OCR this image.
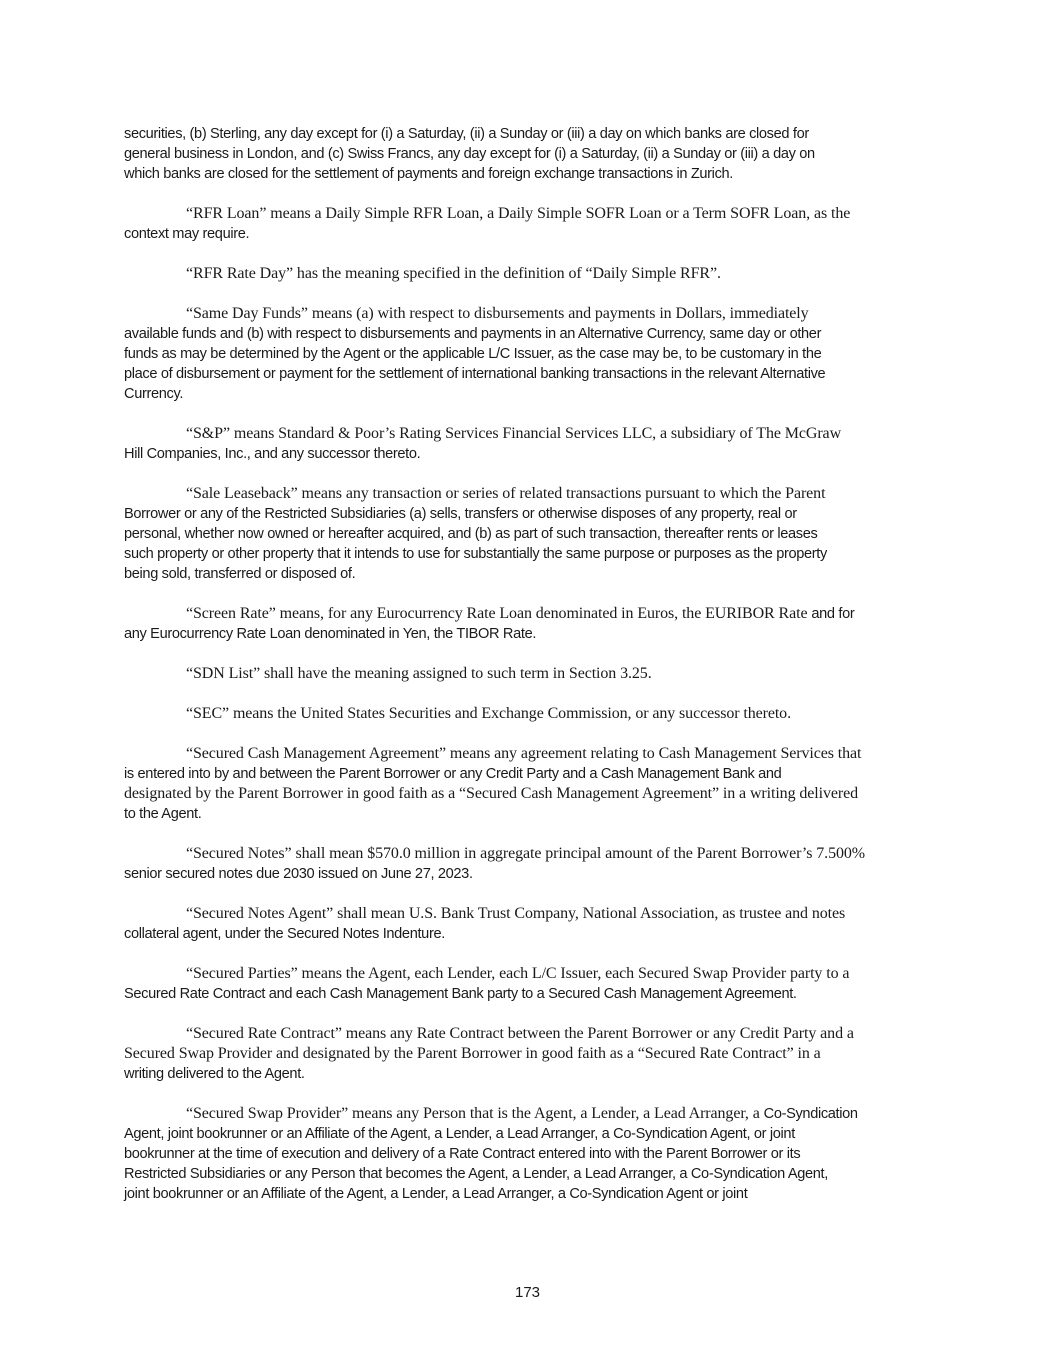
securities, (b) Sterling, any day except for (i) a Saturday, (ii) a Sunday or (iii) a day on which banks are closed for
general business in London, and (c) Swiss Francs, any day except for (i) a Saturday, (ii) a Sunday or (iii) a day on
which banks are closed for the settlement of payments and foreign exchange transactions in Zurich.
“RFR Loan” means a Daily Simple RFR Loan, a Daily Simple SOFR Loan or a Term SOFR Loan, as the
context may require.
“RFR Rate Day” has the meaning specified in the definition of “Daily Simple RFR”.
“Same Day Funds” means (a) with respect to disbursements and payments in Dollars, immediately
available funds and (b) with respect to disbursements and payments in an Alternative Currency, same day or other
funds as may be determined by the Agent or the applicable L/C Issuer, as the case may be, to be customary in the
place of disbursement or payment for the settlement of international banking transactions in the relevant Alternative
Currency.
“S&P” means Standard & Poor’s Rating Services Financial Services LLC, a subsidiary of The McGraw
Hill Companies, Inc., and any successor thereto.
“Sale Leaseback” means any transaction or series of related transactions pursuant to which the Parent
Borrower or any of the Restricted Subsidiaries (a) sells, transfers or otherwise disposes of any property, real or
personal, whether now owned or hereafter acquired, and (b) as part of such transaction, thereafter rents or leases
such property or other property that it intends to use for substantially the same purpose or purposes as the property
being sold, transferred or disposed of.
“Screen Rate” means, for any Eurocurrency Rate Loan denominated in Euros, the EURIBOR Rate and for
any Eurocurrency Rate Loan denominated in Yen, the TIBOR Rate.
“SDN List” shall have the meaning assigned to such term in Section 3.25.
“SEC” means the United States Securities and Exchange Commission, or any successor thereto.
“Secured Cash Management Agreement” means any agreement relating to Cash Management Services that
is entered into by and between the Parent Borrower or any Credit Party and a Cash Management Bank and
designated by the Parent Borrower in good faith as a “Secured Cash Management Agreement” in a writing delivered
to the Agent.
“Secured Notes” shall mean $570.0 million in aggregate principal amount of the Parent Borrower’s 7.500%
senior secured notes due 2030 issued on June 27, 2023.
“Secured Notes Agent” shall mean U.S. Bank Trust Company, National Association, as trustee and notes
collateral agent, under the Secured Notes Indenture.
“Secured Parties” means the Agent, each Lender, each L/C Issuer, each Secured Swap Provider party to a
Secured Rate Contract and each Cash Management Bank party to a Secured Cash Management Agreement.
“Secured Rate Contract” means any Rate Contract between the Parent Borrower or any Credit Party and a
Secured Swap Provider and designated by the Parent Borrower in good faith as a “Secured Rate Contract” in a
writing delivered to the Agent.
“Secured Swap Provider” means any Person that is the Agent, a Lender, a Lead Arranger, a Co-Syndication
Agent, joint bookrunner or an Affiliate of the Agent, a Lender, a Lead Arranger, a Co-Syndication Agent, or joint
bookrunner at the time of execution and delivery of a Rate Contract entered into with the Parent Borrower or its
Restricted Subsidiaries or any Person that becomes the Agent, a Lender, a Lead Arranger, a Co-Syndication Agent,
joint bookrunner or an Affiliate of the Agent, a Lender, a Lead Arranger, a Co-Syndication Agent or joint
173
